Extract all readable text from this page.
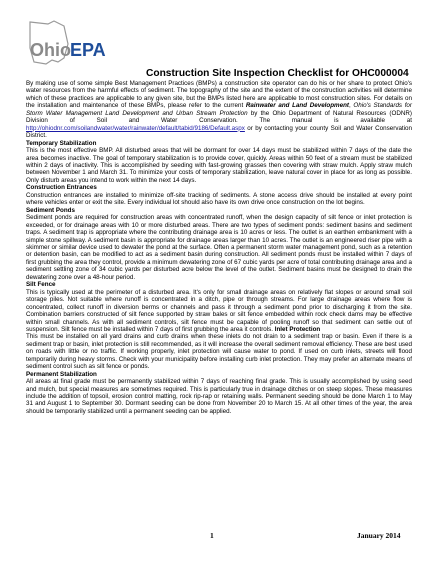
Ohio EPA
Construction Site Inspection Checklist for OHC000004

By making use of some simple Best Management Practices (BMPs) a construction site operator can do his or her share to protect Ohio's water resources from the harmful effects of sediment. The topography of the site and the extent of the construction activities will determine which of these practices are applicable to any given site, but the BMPs listed here are applicable to most construction sites. For details on the installation and maintenance of these BMPs, please refer to the current Rainwater and Land Development, Ohio's Standards for Storm Water Management Land Development and Urban Stream Protection by the Ohio Department of Natural Resources (ODNR) Division of Soil and Water Conservation. The manual is available at http://ohiodnr.com/soilandwater/water/rainwater/default/tabid/9186/Default.aspx or by contacting your county Soil and Water Conservation District.

Temporary Stabilization

This is the most effective BMP. All disturbed areas that will be dormant for over 14 days must be stabilized within 7 days of the date the area becomes inactive. The goal of temporary stabilization is to provide cover, quickly. Areas within 50 feet of a stream must be stabilized within 2 days of inactivity. This is accomplished by seeding with fast-growing grasses then covering with straw mulch. Apply straw mulch between November 1 and March 31. To minimize your costs of temporary stabilization, leave natural cover in place for as long as possible. Only disturb areas you intend to work within the next 14 days.

Construction Entrances

Construction entrances are installed to minimize off-site tracking of sediments. A stone access drive should be installed at every point where vehicles enter or exit the site. Every individual lot should also have its own drive once construction on the lot begins.

Sediment Ponds

Sediment ponds are required for construction areas with concentrated runoff, when the design capacity of silt fence or inlet protection is exceeded, or for drainage areas with 10 or more disturbed areas. There are two types of sediment ponds: sediment basins and sediment traps. A sediment trap is appropriate where the contributing drainage area is 10 acres or less. The outlet is an earthen embankment with a simple stone spillway. A sediment basin is appropriate for drainage areas larger than 10 acres. The outlet is an engineered riser pipe with a skimmer or similar device used to dewater the pond at the surface. Often a permanent storm water management pond, such as a retention or detention basin, can be modified to act as a sediment basin during construction. All sediment ponds must be installed within 7 days of first grubbing the area they control, provide a minimum dewatering zone of 67 cubic yards per acre of total contributing drainage area and a sediment settling zone of 34 cubic yards per disturbed acre below the level of the outlet. Sediment basins must be designed to drain the dewatering zone over a 48-hour period.

Silt Fence

This is typically used at the perimeter of a disturbed area. It's only for small drainage areas on relatively flat slopes or around small soil storage piles. Not suitable where runoff is concentrated in a ditch, pipe or through streams. For large drainage areas where flow is concentrated, collect runoff in diversion berms or channels and pass it through a sediment pond prior to discharging it from the site. Combination barriers constructed of silt fence supported by straw bales or silt fence embedded within rock check dams may be effective within small channels. As with all sediment controls, silt fence must be capable of pooling runoff so that sediment can settle out of suspension. Silt fence must be installed within 7 days of first grubbing the area it controls. Inlet Protection

This must be installed on all yard drains and curb drains when these inlets do not drain to a sediment trap or basin. Even if there is a sediment trap or basin, inlet protection is still recommended, as it will increase the overall sediment removal efficiency. These are best used on roads with little or no traffic. If working properly, inlet protection will cause water to pond. If used on curb inlets, streets will flood temporarily during heavy storms. Check with your municipality before installing curb inlet protection. They may prefer an alternate means of sediment control such as silt fence or ponds.

Permanent Stabilization

All areas at final grade must be permanently stabilized within 7 days of reaching final grade. This is usually accomplished by using seed and mulch, but special measures are sometimes required. This is particularly true in drainage ditches or on steep slopes. These measures include the addition of topsoil, erosion control matting, rock rip-rap or retaining walls. Permanent seeding should be done March 1 to May 31 and August 1 to September 30. Dormant seeding can be done from November 20 to March 15. At all other times of the year, the area should be temporarily stabilized until a permanent seeding can be applied.

1	January 2014
